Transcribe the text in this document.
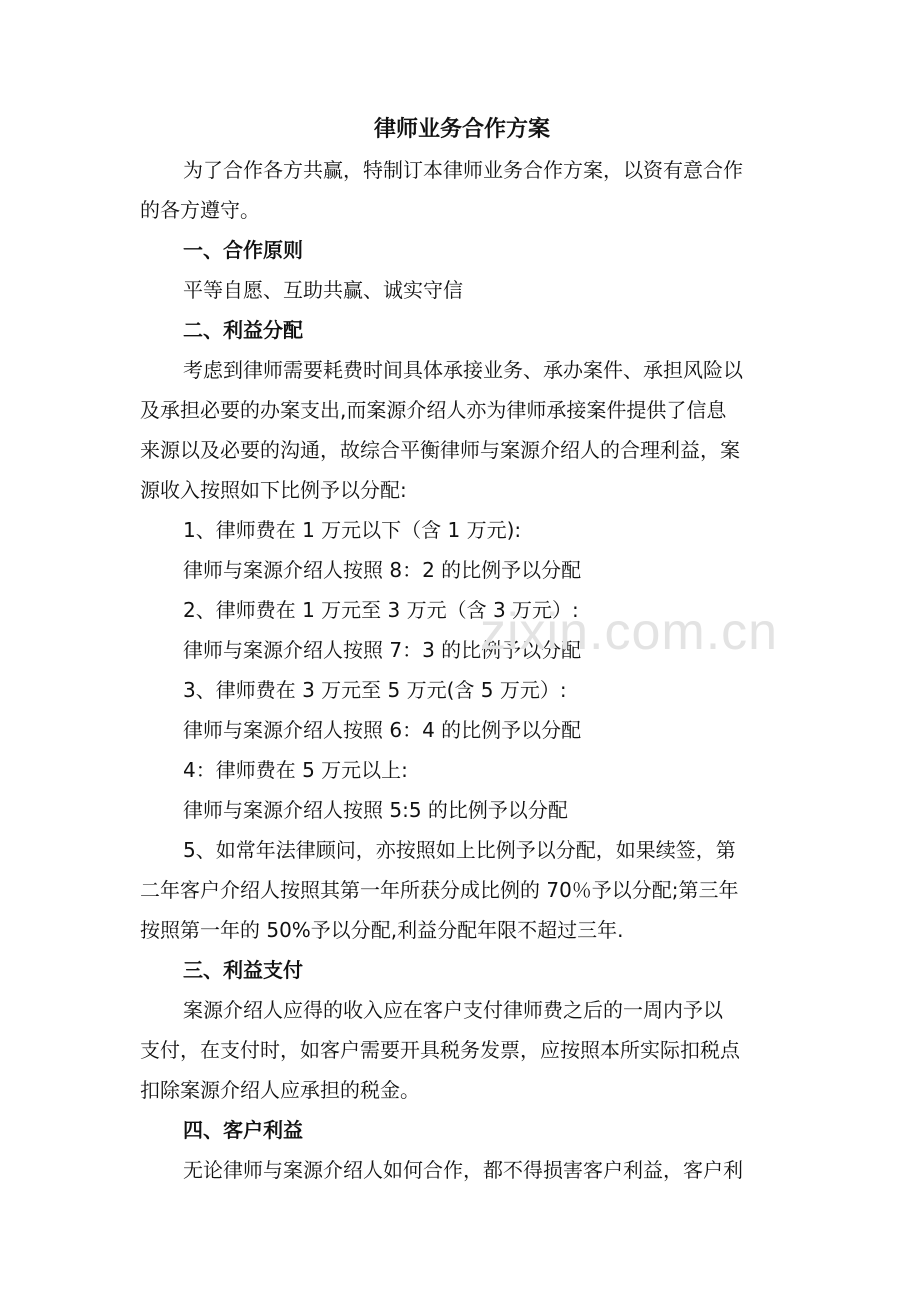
律师业务合作方案
为了合作各方共赢，特制订本律师业务合作方案，以资有意合作
的各方遵守。
一、合作原则
平等自愿、互助共赢、诚实守信
二、利益分配
考虑到律师需要耗费时间具体承接业务、承办案件、承担风险以
及承担必要的办案支出,而案源介绍人亦为律师承接案件提供了信息
来源以及必要的沟通，故综合平衡律师与案源介绍人的合理利益，案
源收入按照如下比例予以分配:
1、律师费在 1 万元以下（含 1 万元):
律师与案源介绍人按照 8：2 的比例予以分配
2、律师费在 1 万元至 3 万元（含 3 万元）:
律师与案源介绍人按照 7：3 的比例予以分配
3、律师费在 3 万元至 5 万元(含 5 万元）:
律师与案源介绍人按照 6：4 的比例予以分配
4：律师费在 5 万元以上:
律师与案源介绍人按照 5:5 的比例予以分配
5、如常年法律顾问，亦按照如上比例予以分配，如果续签，第
二年客户介绍人按照其第一年所获分成比例的 70％予以分配;第三年
按照第一年的 50%予以分配,利益分配年限不超过三年.
三、利益支付
案源介绍人应得的收入应在客户支付律师费之后的一周内予以
支付，在支付时，如客户需要开具税务发票，应按照本所实际扣税点
扣除案源介绍人应承担的税金。
四、客户利益
无论律师与案源介绍人如何合作，都不得损害客户利益，客户利
zixin.com.cn
